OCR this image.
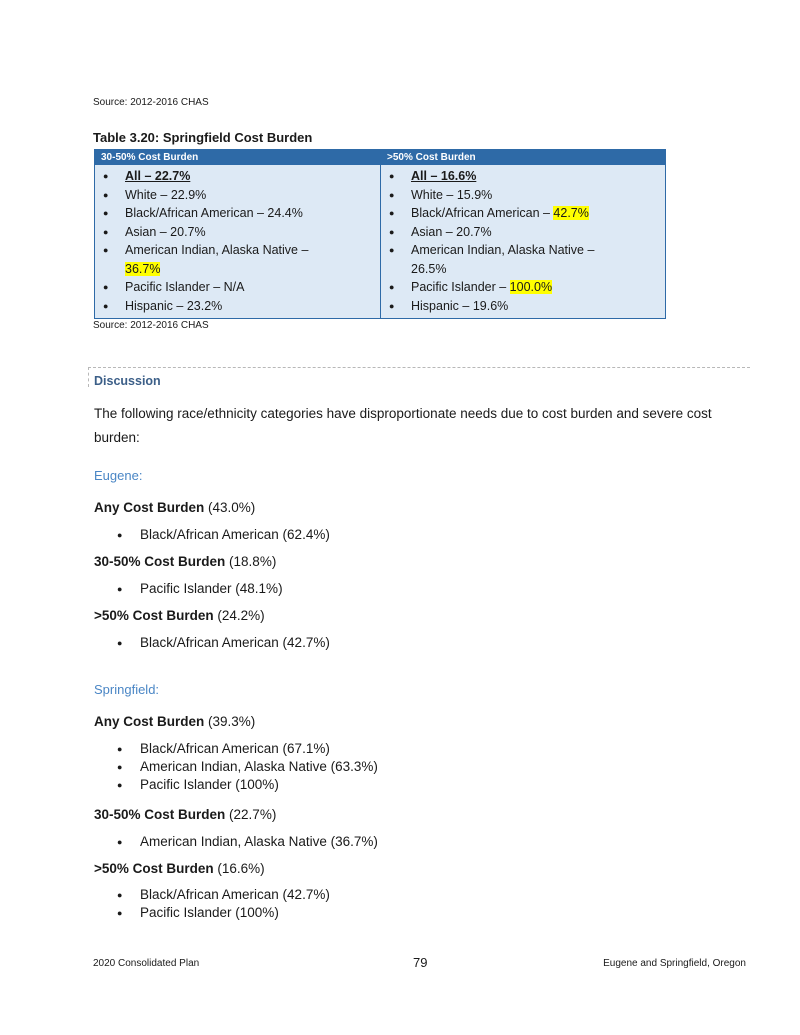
Source: 2012-2016 CHAS
Table 3.20: Springfield Cost Burden
30-50% Cost Burden
● All – 22.7%
● White – 22.9%
● Black/African American – 24.4%
● Asian – 20.7%
● American Indian, Alaska Native –
36.7%
● Pacific Islander – N/A
● Hispanic – 23.2%
>50% Cost Burden
● All – 16.6%
● White – 15.9%
● Black/African American – 42.7%
● Asian – 20.7%
● American Indian, Alaska Native –
26.5%
● Pacific Islander – 100.0%
● Hispanic – 19.6%
Source: 2012-2016 CHAS
Discussion
The following race/ethnicity categories have disproportionate needs due to cost burden and severe cost burden:
Eugene:
Any Cost Burden (43.0%)
● Black/African American (62.4%)
30-50% Cost Burden (18.8%)
● Pacific Islander (48.1%)
>50% Cost Burden (24.2%)
● Black/African American (42.7%)
Springfield:
Any Cost Burden (39.3%)
● Black/African American (67.1%)
● American Indian, Alaska Native (63.3%)
● Pacific Islander (100%)
30-50% Cost Burden (22.7%)
● American Indian, Alaska Native (36.7%)
>50% Cost Burden (16.6%)
● Black/African American (42.7%)
● Pacific Islander (100%)
2020 Consolidated Plan	79	Eugene and Springfield, Oregon
